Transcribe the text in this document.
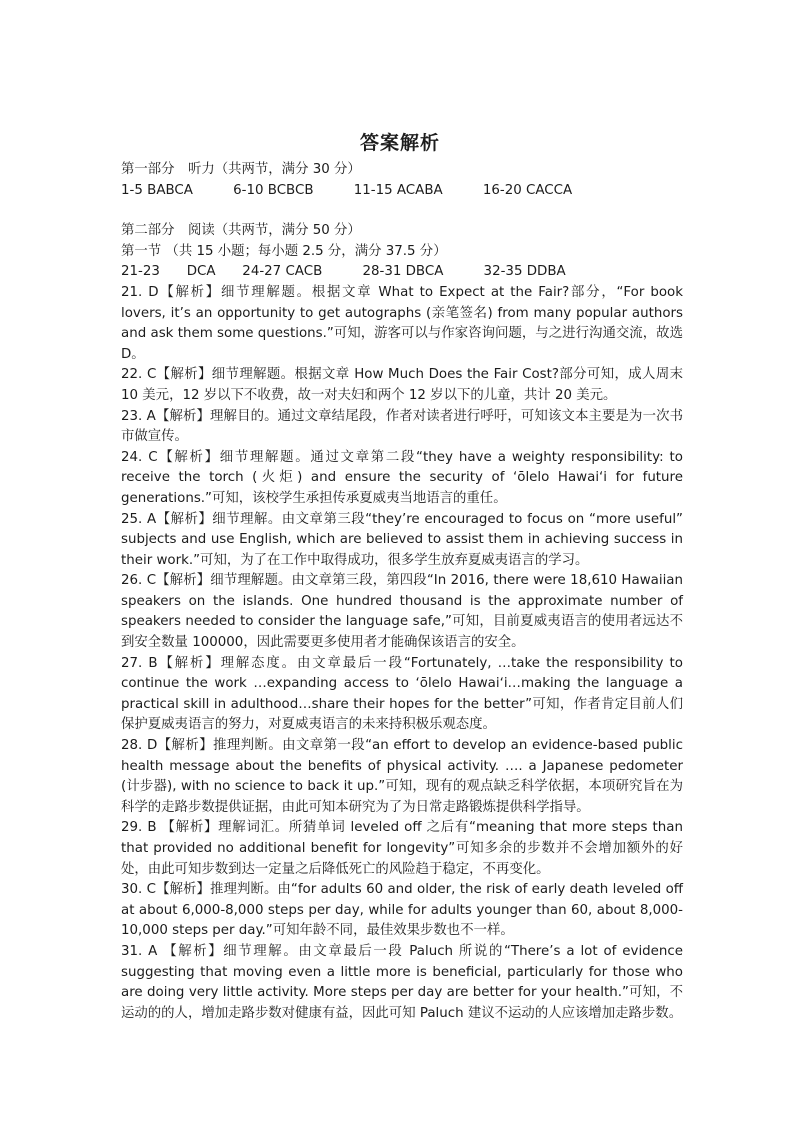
答案解析

第一部分　听力（共两节，满分 30 分）

1-5 BABCA　　　6-10 BCBCB　　　11-15 ACABA　　　16-20 CACCA

第二部分　阅读（共两节，满分 50 分）

第一节 （共 15 小题；每小题 2.5 分，满分 37.5 分）

21-23　　DCA　　24-27 CACB　　　28-31 DBCA　　　32-35 DDBA

21. D【解析】细节理解题。根据文章 What to Expect at the Fair?部分，“For book lovers, it’s an opportunity to get autographs (亲笔签名) from many popular authors and ask them some questions.”可知，游客可以与作家咨询问题，与之进行沟通交流，故选 D。

22. C【解析】细节理解题。根据文章 How Much Does the Fair Cost?部分可知，成人周末 10 美元，12 岁以下不收费，故一对夫妇和两个 12 岁以下的儿童，共计 20 美元。

23. A【解析】理解目的。通过文章结尾段，作者对读者进行呼吁，可知该文本主要是为一次书市做宣传。

24. C【解析】细节理解题。通过文章第二段“they have a weighty responsibility: to receive the torch (火炬) and ensure the security of ʻōlelo Hawaiʻi for future generations.”可知，该校学生承担传承夏威夷当地语言的重任。

25. A【解析】细节理解。由文章第三段“they’re encouraged to focus on “more useful” subjects and use English, which are believed to assist them in achieving success in their work.”可知，为了在工作中取得成功，很多学生放弃夏威夷语言的学习。

26. C【解析】细节理解题。由文章第三段，第四段“In 2016, there were 18,610 Hawaiian speakers on the islands. One hundred thousand is the approximate number of speakers needed to consider the language safe,”可知，目前夏威夷语言的使用者远达不到安全数量 100000，因此需要更多使用者才能确保该语言的安全。

27. B【解析】理解态度。由文章最后一段“Fortunately, …take the responsibility to continue the work …expanding access to ʻōlelo Hawaiʻi…making the language a practical skill in adulthood…share their hopes for the better”可知，作者肯定目前人们保护夏威夷语言的努力，对夏威夷语言的未来持积极乐观态度。

28. D【解析】推理判断。由文章第一段“an effort to develop an evidence-based public health message about the benefits of physical activity. …. a Japanese pedometer (计步器), with no science to back it up.”可知，现有的观点缺乏科学依据，本项研究旨在为科学的走路步数提供证据，由此可知本研究为了为日常走路锻炼提供科学指导。

29. B 【解析】理解词汇。所猜单词 leveled off 之后有“meaning that more steps than that provided no additional benefit for longevity”可知多余的步数并不会增加额外的好处，由此可知步数到达一定量之后降低死亡的风险趋于稳定，不再变化。

30. C【解析】推理判断。由“for adults 60 and older, the risk of early death leveled off at about 6,000-8,000 steps per day, while for adults younger than 60, about 8,000-10,000 steps per day.”可知年龄不同，最佳效果步数也不一样。

31. A 【解析】细节理解。由文章最后一段 Paluch 所说的“There’s a lot of evidence suggesting that moving even a little more is beneficial, particularly for those who are doing very little activity. More steps per day are better for your health.”可知，不运动的的人，增加走路步数对健康有益，因此可知 Paluch 建议不运动的人应该增加走路步数。
